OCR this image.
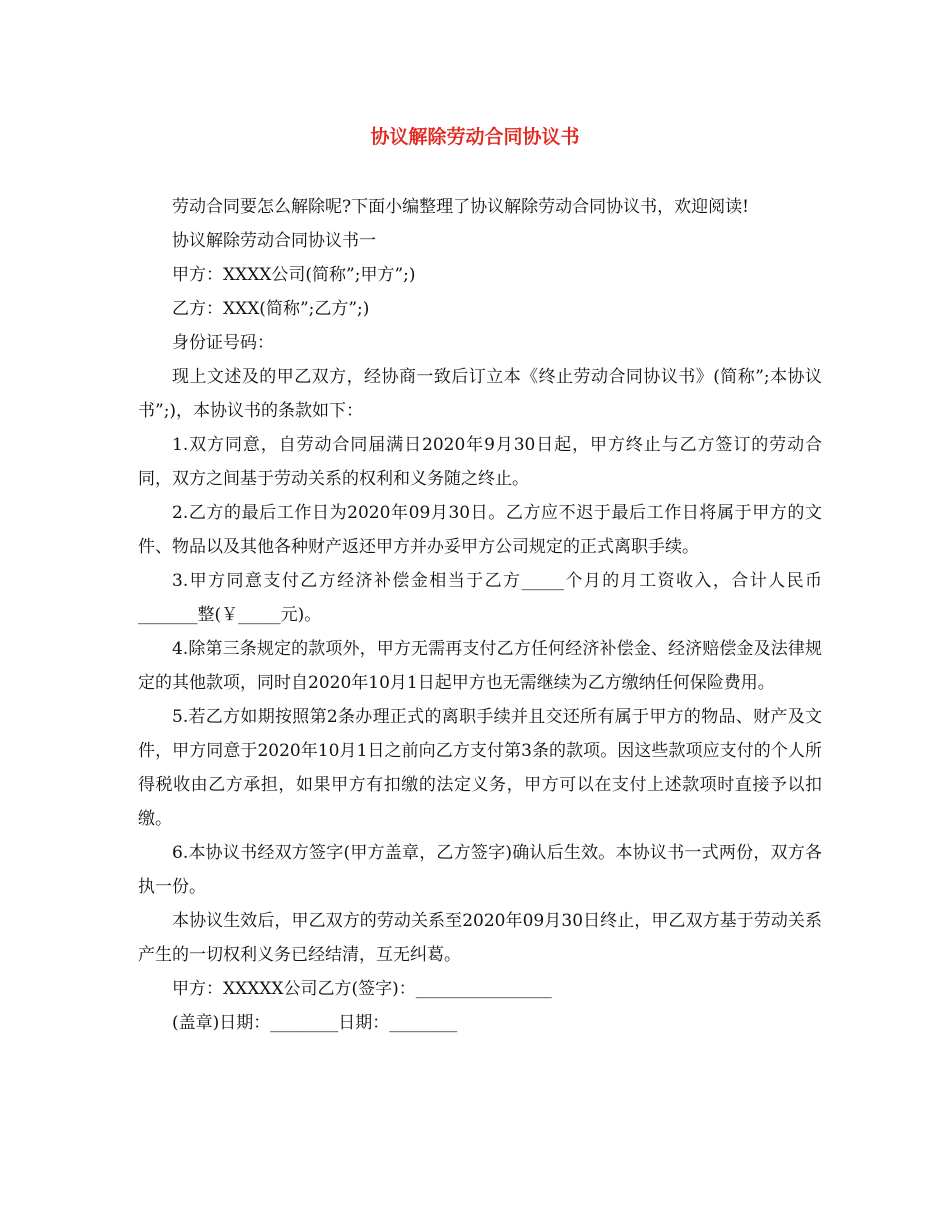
协议解除劳动合同协议书

劳动合同要怎么解除呢?下面小编整理了协议解除劳动合同协议书，欢迎阅读!

协议解除劳动合同协议书一

甲方：XXXX公司(简称”;甲方”;)

乙方：XXX(简称”;乙方”;)

身份证号码：

现上文述及的甲乙双方，经协商一致后订立本《终止劳动合同协议书》(简称”;本协议书”;)，本协议书的条款如下：

1.双方同意，自劳动合同届满日2020年9月30日起，甲方终止与乙方签订的劳动合同，双方之间基于劳动关系的权利和义务随之终止。

2.乙方的最后工作日为2020年09月30日。乙方应不迟于最后工作日将属于甲方的文件、物品以及其他各种财产返还甲方并办妥甲方公司规定的正式离职手续。

3.甲方同意支付乙方经济补偿金相当于乙方_____个月的月工资收入，合计人民币_______整(￥_____元)。

4.除第三条规定的款项外，甲方无需再支付乙方任何经济补偿金、经济赔偿金及法律规定的其他款项，同时自2020年10月1日起甲方也无需继续为乙方缴纳任何保险费用。

5.若乙方如期按照第2条办理正式的离职手续并且交还所有属于甲方的物品、财产及文件，甲方同意于2020年10月1日之前向乙方支付第3条的款项。因这些款项应支付的个人所得税收由乙方承担，如果甲方有扣缴的法定义务，甲方可以在支付上述款项时直接予以扣缴。

6.本协议书经双方签字(甲方盖章，乙方签字)确认后生效。本协议书一式两份，双方各执一份。

本协议生效后，甲乙双方的劳动关系至2020年09月30日终止，甲乙双方基于劳动关系产生的一切权利义务已经结清，互无纠葛。

甲方：XXXXX公司乙方(签字)：________________

(盖章)日期：________日期：________
